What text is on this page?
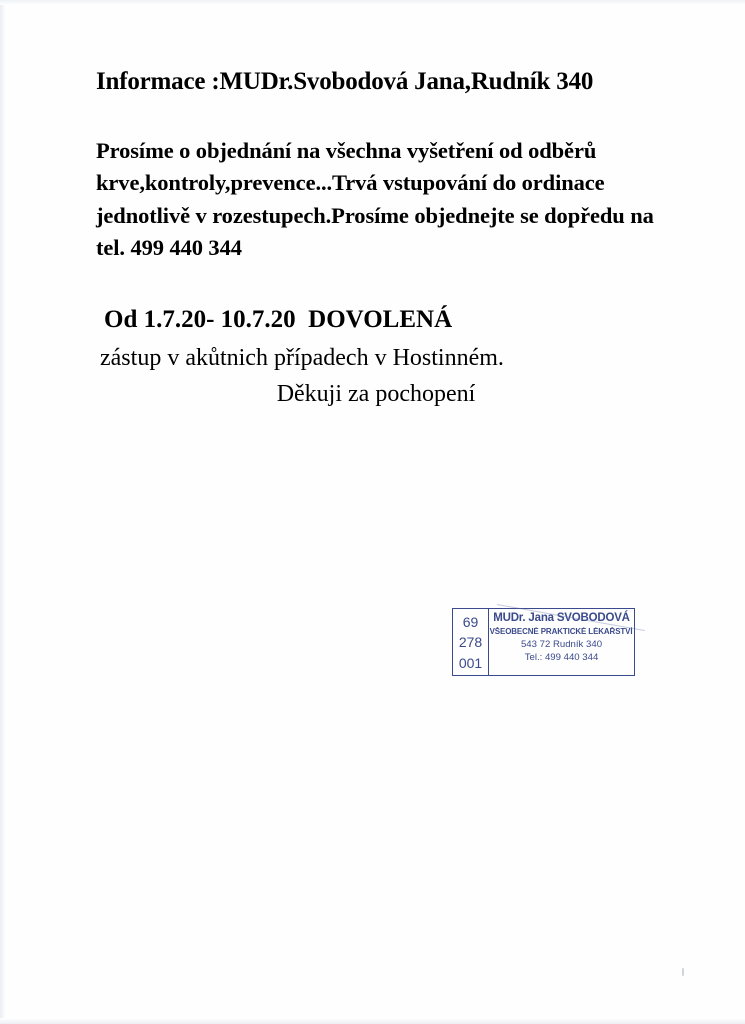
Informace :MUDr.Svobodová Jana,Rudník 340
Prosíme o objednání na všechna vyšetření od odběrů krve,kontroly,prevence...Trvá vstupování do ordinace jednotlivě v rozestupech.Prosíme objednejte se dopředu na tel. 499 440 344
Od 1.7.20- 10.7.20  DOVOLENÁ
zástup v akůtnich případech v Hostinném.
Děkuji za pochopení
69
278
001
MUDr. Jana SVOBODOVÁ
VŠEOBECNÉ PRAKTICKÉ LÉKAŘSTVÍ
543 72 Rudník 340
Tel.: 499 440 344
